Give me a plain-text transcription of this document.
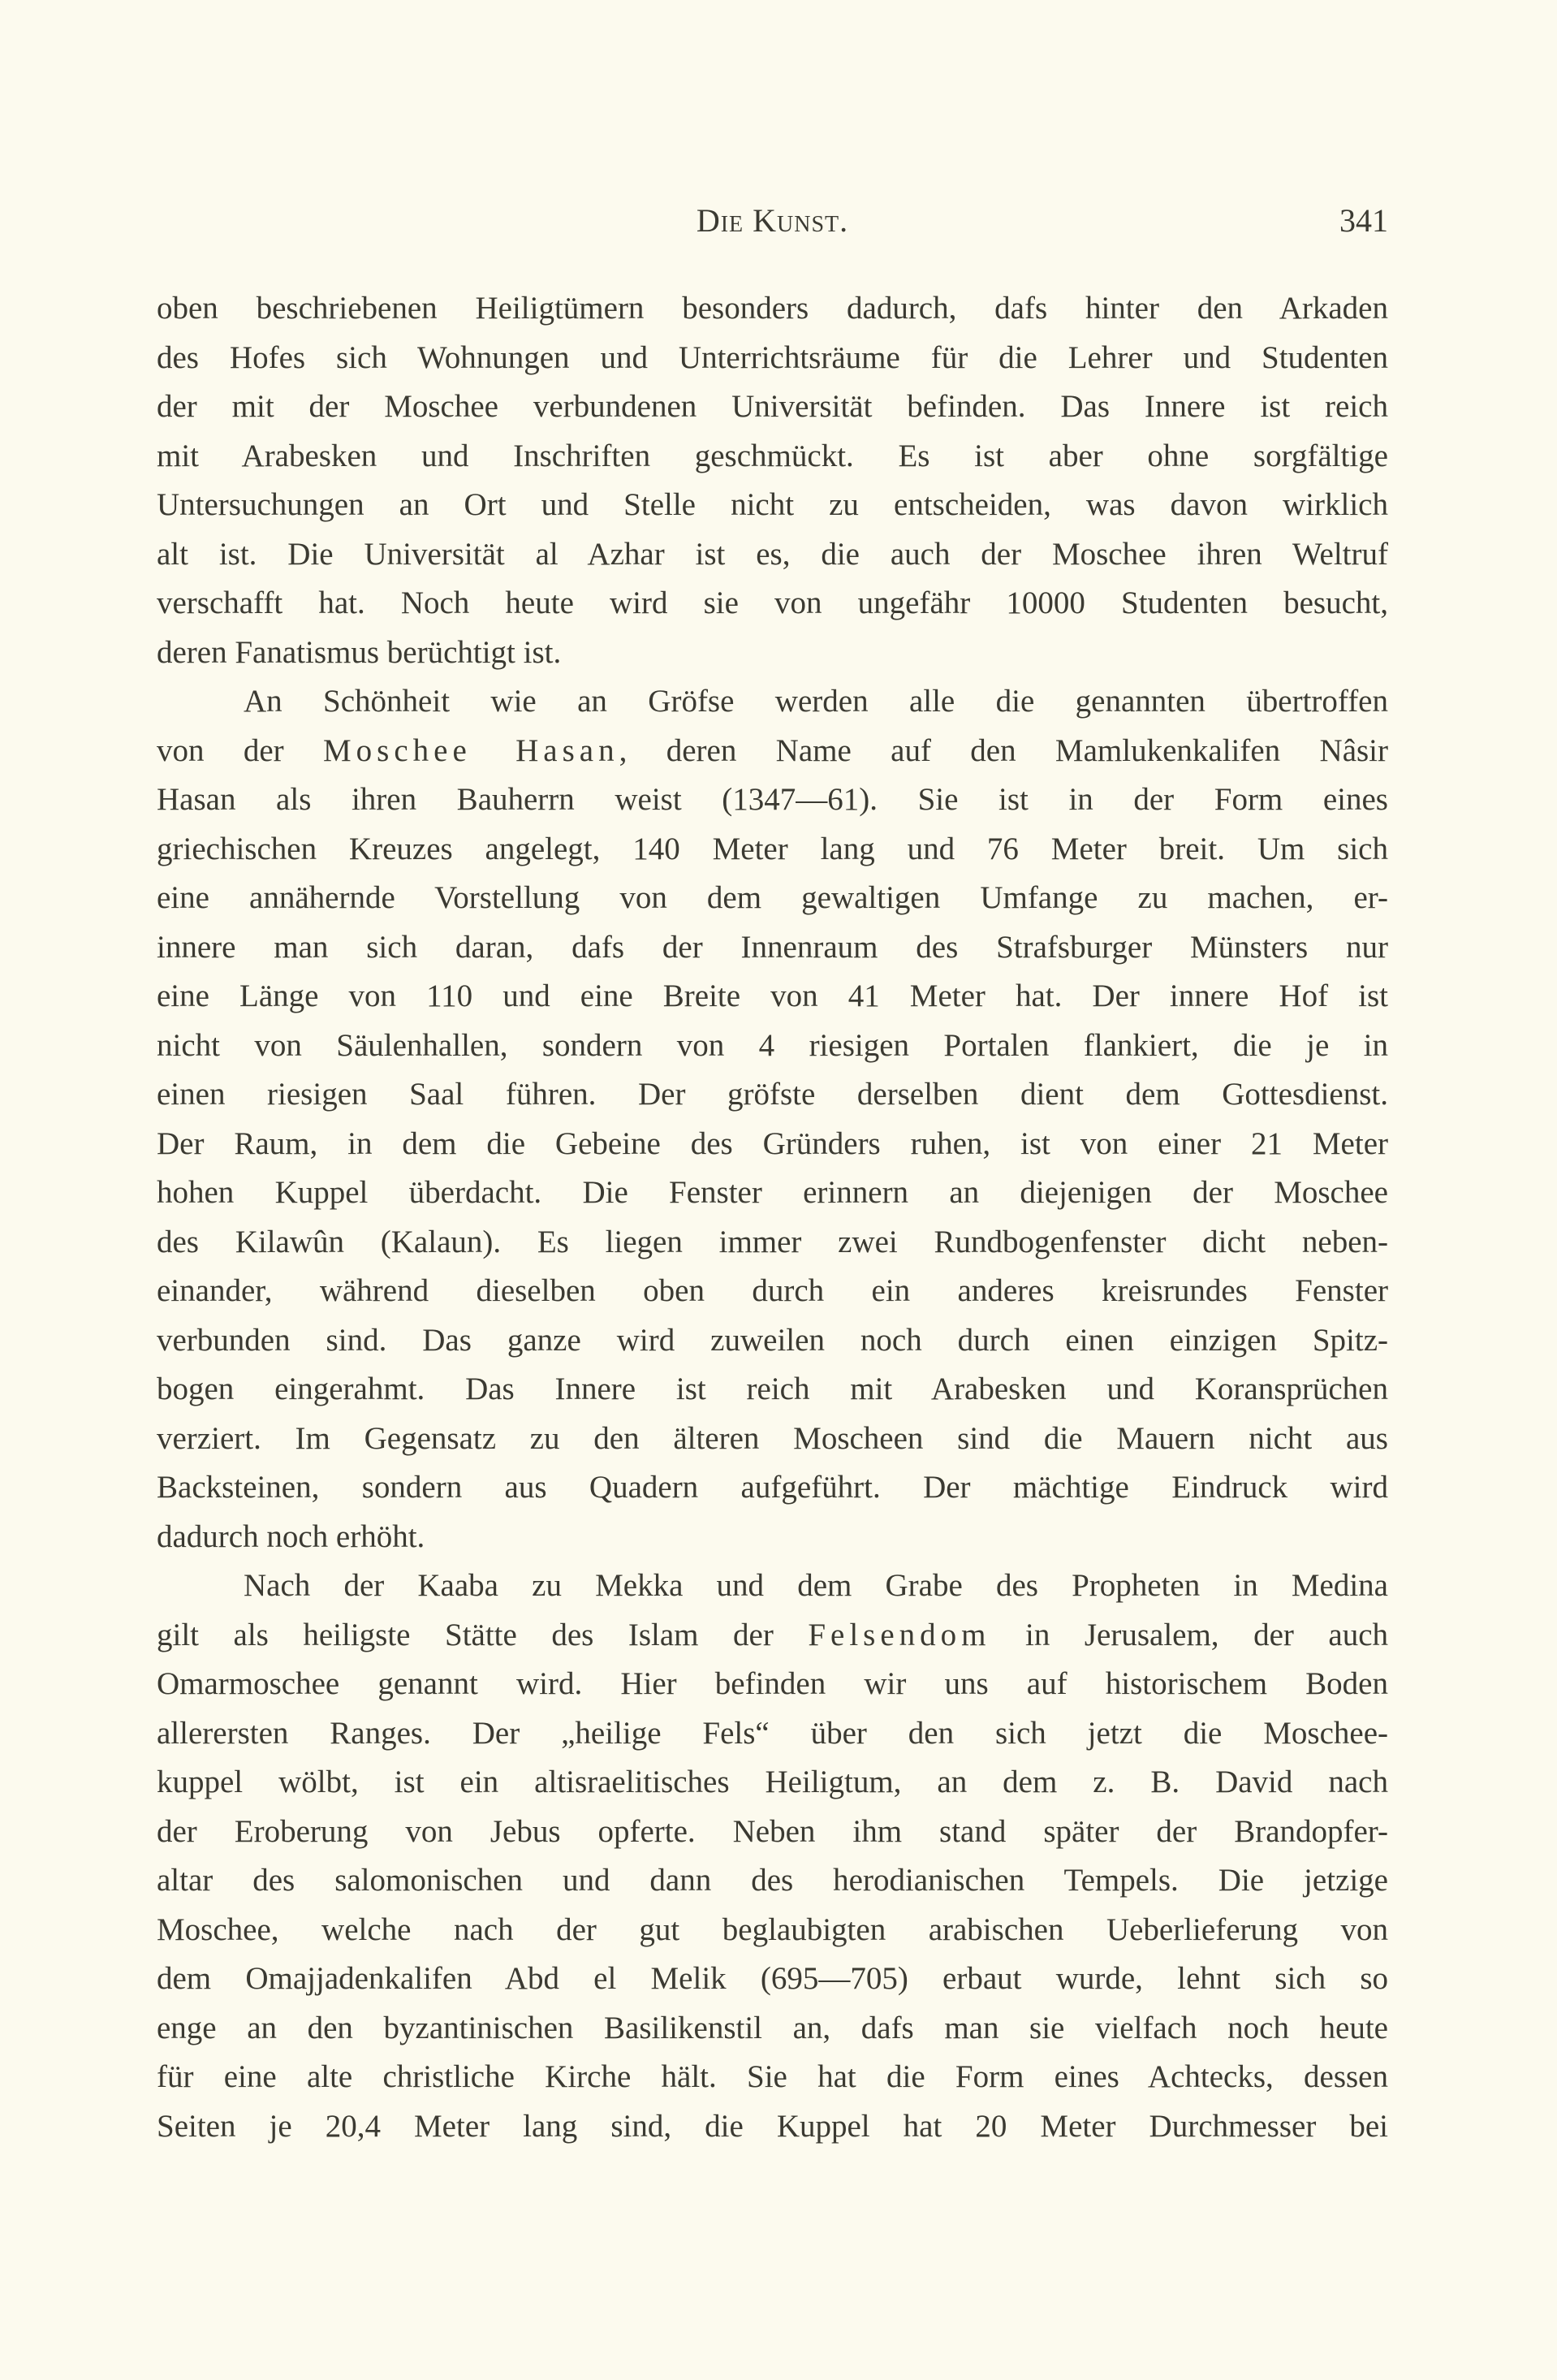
Die Kunst.	341
oben beschriebenen Heiligtümern besonders dadurch, dafs hinter den Arkaden
des Hofes sich Wohnungen und Unterrichtsräume für die Lehrer und Studenten
der mit der Moschee verbundenen Universität befinden. Das Innere ist reich
mit Arabesken und Inschriften geschmückt. Es ist aber ohne sorgfältige
Untersuchungen an Ort und Stelle nicht zu entscheiden, was davon wirklich
alt ist. Die Universität al Azhar ist es, die auch der Moschee ihren Weltruf
verschafft hat. Noch heute wird sie von ungefähr 10000 Studenten besucht,
deren Fanatismus berüchtigt ist.
An Schönheit wie an Gröfse werden alle die genannten übertroffen
von der Moschee Hasan, deren Name auf den Mamlukenkalifen Nâsir
Hasan als ihren Bauherrn weist (1347—61). Sie ist in der Form eines
griechischen Kreuzes angelegt, 140 Meter lang und 76 Meter breit. Um sich
eine annähernde Vorstellung von dem gewaltigen Umfange zu machen, er-
innere man sich daran, dafs der Innenraum des Strafsburger Münsters nur
eine Länge von 110 und eine Breite von 41 Meter hat. Der innere Hof ist
nicht von Säulenhallen, sondern von 4 riesigen Portalen flankiert, die je in
einen riesigen Saal führen. Der gröfste derselben dient dem Gottesdienst.
Der Raum, in dem die Gebeine des Gründers ruhen, ist von einer 21 Meter
hohen Kuppel überdacht. Die Fenster erinnern an diejenigen der Moschee
des Kilawûn (Kalaun). Es liegen immer zwei Rundbogenfenster dicht neben-
einander, während dieselben oben durch ein anderes kreisrundes Fenster
verbunden sind. Das ganze wird zuweilen noch durch einen einzigen Spitz-
bogen eingerahmt. Das Innere ist reich mit Arabesken und Koransprüchen
verziert. Im Gegensatz zu den älteren Moscheen sind die Mauern nicht aus
Backsteinen, sondern aus Quadern aufgeführt. Der mächtige Eindruck wird
dadurch noch erhöht.
Nach der Kaaba zu Mekka und dem Grabe des Propheten in Medina
gilt als heiligste Stätte des Islam der Felsendom in Jerusalem, der auch
Omarmoschee genannt wird. Hier befinden wir uns auf historischem Boden
allerersten Ranges. Der „heilige Fels“ über den sich jetzt die Moschee-
kuppel wölbt, ist ein altisraelitisches Heiligtum, an dem z. B. David nach
der Eroberung von Jebus opferte. Neben ihm stand später der Brandopfer-
altar des salomonischen und dann des herodianischen Tempels. Die jetzige
Moschee, welche nach der gut beglaubigten arabischen Ueberlieferung von
dem Omajjadenkalifen Abd el Melik (695—705) erbaut wurde, lehnt sich so
enge an den byzantinischen Basilikenstil an, dafs man sie vielfach noch heute
für eine alte christliche Kirche hält. Sie hat die Form eines Achtecks, dessen
Seiten je 20,4 Meter lang sind, die Kuppel hat 20 Meter Durchmesser bei
